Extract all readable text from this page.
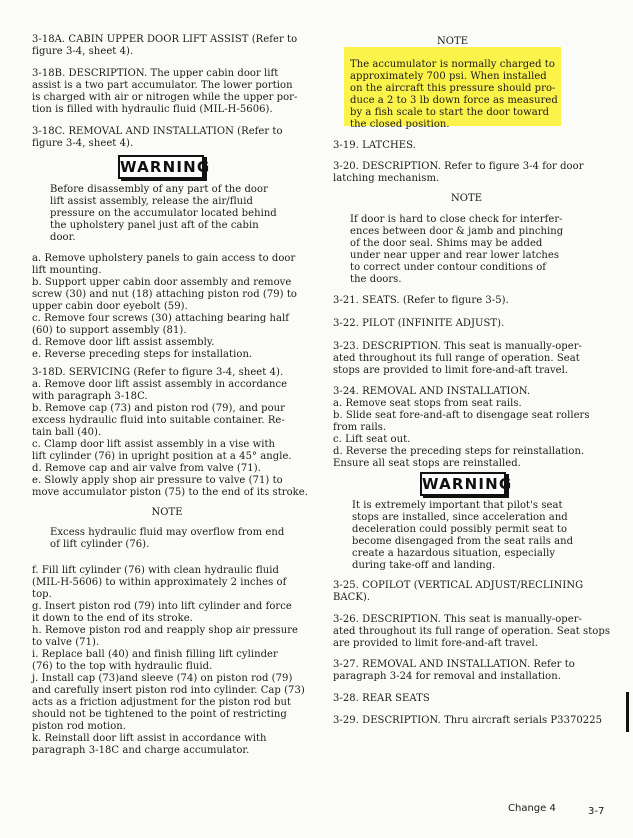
3-18A. CABIN UPPER DOOR LIFT ASSIST (Refer to
figure 3-4, sheet 4).
3-18B. DESCRIPTION. The upper cabin door lift
assist is a two part accumulator. The lower portion
is charged with air or nitrogen while the upper por-
tion is filled with hydraulic fluid (MIL-H-5606).
3-18C. REMOVAL AND INSTALLATION (Refer to
figure 3-4, sheet 4).
WARNING
Before disassembly of any part of the door
lift assist assembly, release the air/fluid
pressure on the accumulator located behind
the upholstery panel just aft of the cabin
door.
a. Remove upholstery panels to gain access to door
lift mounting.
b. Support upper cabin door assembly and remove
screw (30) and nut (18) attaching piston rod (79) to
upper cabin door eyebolt (59).
c. Remove four screws (30) attaching bearing half
(60) to support assembly (81).
d. Remove door lift assist assembly.
e. Reverse preceding steps for installation.
3-18D. SERVICING (Refer to figure 3-4, sheet 4).
a. Remove door lift assist assembly in accordance
with paragraph 3-18C.
b. Remove cap (73) and piston rod (79), and pour
excess hydraulic fluid into suitable container. Re-
tain ball (40).
c. Clamp door lift assist assembly in a vise with
lift cylinder (76) in upright position at a 45° angle.
d. Remove cap and air valve from valve (71).
e. Slowly apply shop air pressure to valve (71) to
move accumulator piston (75) to the end of its stroke.
NOTE
Excess hydraulic fluid may overflow from end
of lift cylinder (76).
f. Fill lift cylinder (76) with clean hydraulic fluid
(MIL-H-5606) to within approximately 2 inches of
top.
g. Insert piston rod (79) into lift cylinder and force
it down to the end of its stroke.
h. Remove piston rod and reapply shop air pressure
to valve (71).
i. Replace ball (40) and finish filling lift cylinder
(76) to the top with hydraulic fluid.
j. Install cap (73)and sleeve (74) on piston rod (79)
and carefully insert piston rod into cylinder. Cap (73)
acts as a friction adjustment for the piston rod but
should not be tightened to the point of restricting
piston rod motion.
k. Reinstall door lift assist in accordance with
paragraph 3-18C and charge accumulator.
NOTE
The accumulator is normally charged to
approximately 700 psi. When installed
on the aircraft this pressure should pro-
duce a 2 to 3 lb down force as measured
by a fish scale to start the door toward
the closed position.
3-19. LATCHES.
3-20. DESCRIPTION. Refer to figure 3-4 for door
latching mechanism.
NOTE
If door is hard to close check for interfer-
ences between door & jamb and pinching
of the door seal. Shims may be added
under near upper and rear lower latches
to correct under contour conditions of
the doors.
3-21. SEATS. (Refer to figure 3-5).
3-22. PILOT (INFINITE ADJUST).
3-23. DESCRIPTION. This seat is manually-oper-
ated throughout its full range of operation. Seat
stops are provided to limit fore-and-aft travel.
3-24. REMOVAL AND INSTALLATION.
a. Remove seat stops from seat rails.
b. Slide seat fore-and-aft to disengage seat rollers
from rails.
c. Lift seat out.
d. Reverse the preceding steps for reinstallation.
Ensure all seat stops are reinstalled.
WARNING
It is extremely important that pilot's seat
stops are installed, since acceleration and
deceleration could possibly permit seat to
become disengaged from the seat rails and
create a hazardous situation, especially
during take-off and landing.
3-25. COPILOT (VERTICAL ADJUST/RECLINING
BACK).
3-26. DESCRIPTION. This seat is manually-oper-
ated throughout its full range of operation. Seat stops
are provided to limit fore-and-aft travel.
3-27. REMOVAL AND INSTALLATION. Refer to
paragraph 3-24 for removal and installation.
3-28. REAR SEATS
3-29. DESCRIPTION. Thru aircraft serials P3370225
Change 4	3-7
